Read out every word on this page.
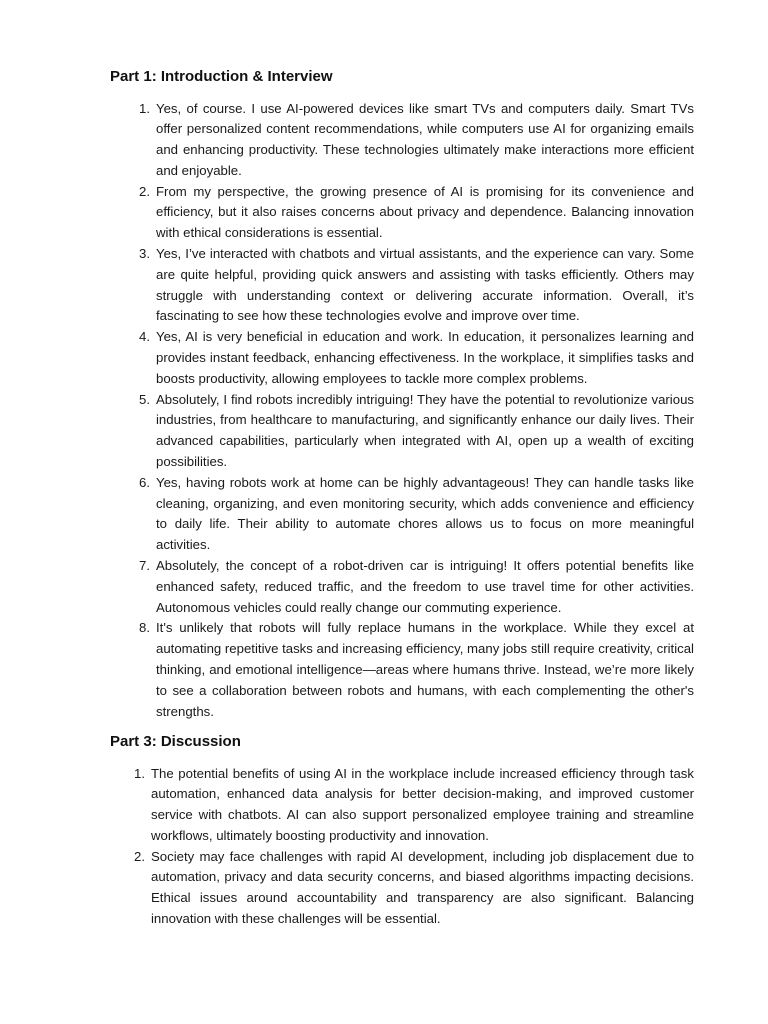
Part 1: Introduction & Interview
1. Yes, of course. I use AI-powered devices like smart TVs and computers daily. Smart TVs offer personalized content recommendations, while computers use AI for organizing emails and enhancing productivity. These technologies ultimately make interactions more efficient and enjoyable.
2. From my perspective, the growing presence of AI is promising for its convenience and efficiency, but it also raises concerns about privacy and dependence. Balancing innovation with ethical considerations is essential.
3. Yes, I’ve interacted with chatbots and virtual assistants, and the experience can vary. Some are quite helpful, providing quick answers and assisting with tasks efficiently. Others may struggle with understanding context or delivering accurate information. Overall, it’s fascinating to see how these technologies evolve and improve over time.
4. Yes, AI is very beneficial in education and work. In education, it personalizes learning and provides instant feedback, enhancing effectiveness. In the workplace, it simplifies tasks and boosts productivity, allowing employees to tackle more complex problems.
5. Absolutely, I find robots incredibly intriguing! They have the potential to revolutionize various industries, from healthcare to manufacturing, and significantly enhance our daily lives. Their advanced capabilities, particularly when integrated with AI, open up a wealth of exciting possibilities.
6. Yes, having robots work at home can be highly advantageous! They can handle tasks like cleaning, organizing, and even monitoring security, which adds convenience and efficiency to daily life. Their ability to automate chores allows us to focus on more meaningful activities.
7. Absolutely, the concept of a robot-driven car is intriguing! It offers potential benefits like enhanced safety, reduced traffic, and the freedom to use travel time for other activities. Autonomous vehicles could really change our commuting experience.
8. It's unlikely that robots will fully replace humans in the workplace. While they excel at automating repetitive tasks and increasing efficiency, many jobs still require creativity, critical thinking, and emotional intelligence—areas where humans thrive. Instead, we’re more likely to see a collaboration between robots and humans, with each complementing the other's strengths.
Part 3: Discussion
1. The potential benefits of using AI in the workplace include increased efficiency through task automation, enhanced data analysis for better decision-making, and improved customer service with chatbots. AI can also support personalized employee training and streamline workflows, ultimately boosting productivity and innovation.
2. Society may face challenges with rapid AI development, including job displacement due to automation, privacy and data security concerns, and biased algorithms impacting decisions. Ethical issues around accountability and transparency are also significant. Balancing innovation with these challenges will be essential.
